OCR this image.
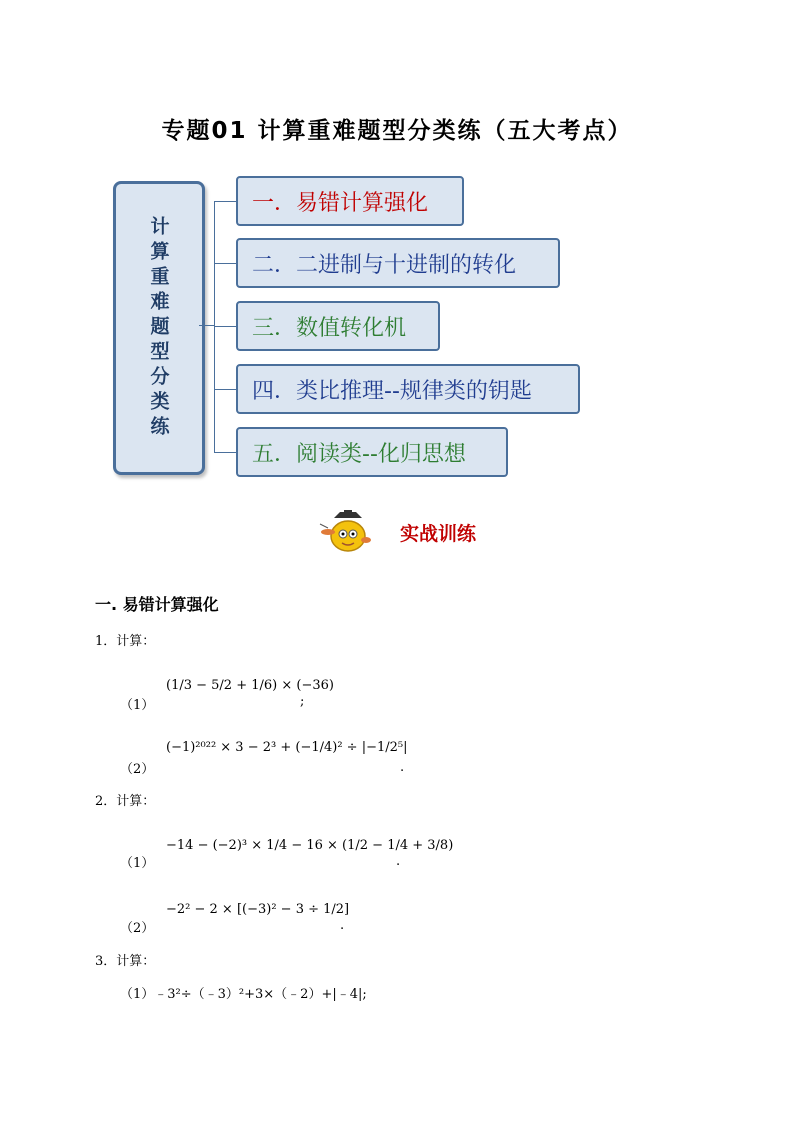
专题01 计算重难题型分类练（五大考点）
计算重难题型分类练
一．易错计算强化
二．二进制与十进制的转化
三．数值转化机
四．类比推理--规律类的钥匙
五．阅读类--化归思想
实战训练
一. 易错计算强化
1．计算：
(1/3 − 5/2 + 1/6) × (−36)
（1）	;
(−1)²⁰²² × 3 − 2³ + (−1/4)² ÷ |−1/2⁵|
（2）	.
2．计算：
−14 − (−2)³ × 1/4 − 16 × (1/2 − 1/4 + 3/8)
（1）	.
−2² − 2 × [(−3)² − 3 ÷ 1/2]
（2）	.
3．计算：
（1）﹣3²÷（﹣3）²+3×（﹣2）+|﹣4|;
